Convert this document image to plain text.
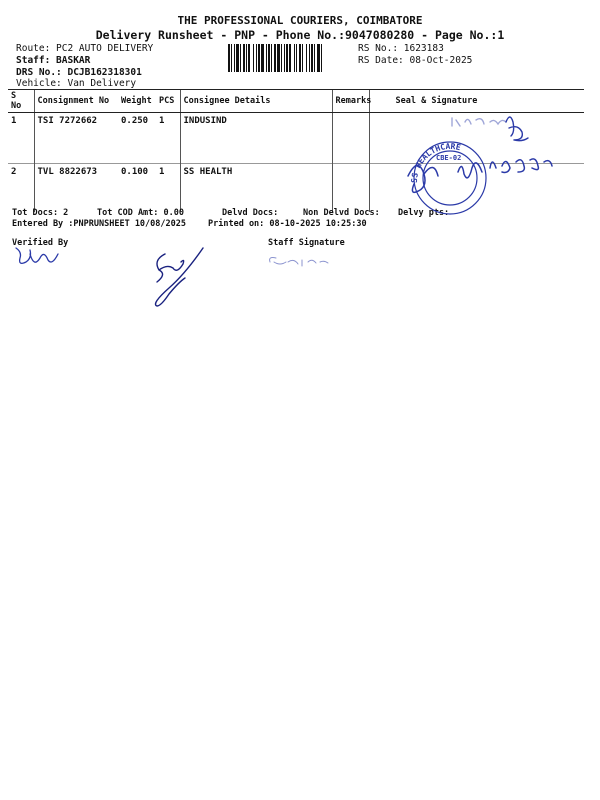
THE PROFESSIONAL COURIERS, COIMBATORE
Delivery Runsheet - PNP - Phone No.:9047080280 - Page No.:1
Route: PC2 AUTO DELIVERY
Staff: BASKAR
DRS No.: DCJB162318301
Vehicle: Van Delivery
RS No.: 1623183
RS Date: 08-Oct-2025
S No	Consignment No	Weight	PCS	Consignee Details	Remarks	Seal & Signature
1	TSI 7272662	0.250	1	INDUSIND		
2	TVL 8822673	0.100	1	SS HEALTH		
Tot Docs: 2	Tot COD Amt: 0.00	Delvd Docs:	Non Delvd Docs: Delvy pts:
Entered By :PNPRUNSHEET 10/08/2025	Printed on: 08-10-2025 10:25:30
Verified By	Staff Signature
SS HEALTHCARE
CBE-02
